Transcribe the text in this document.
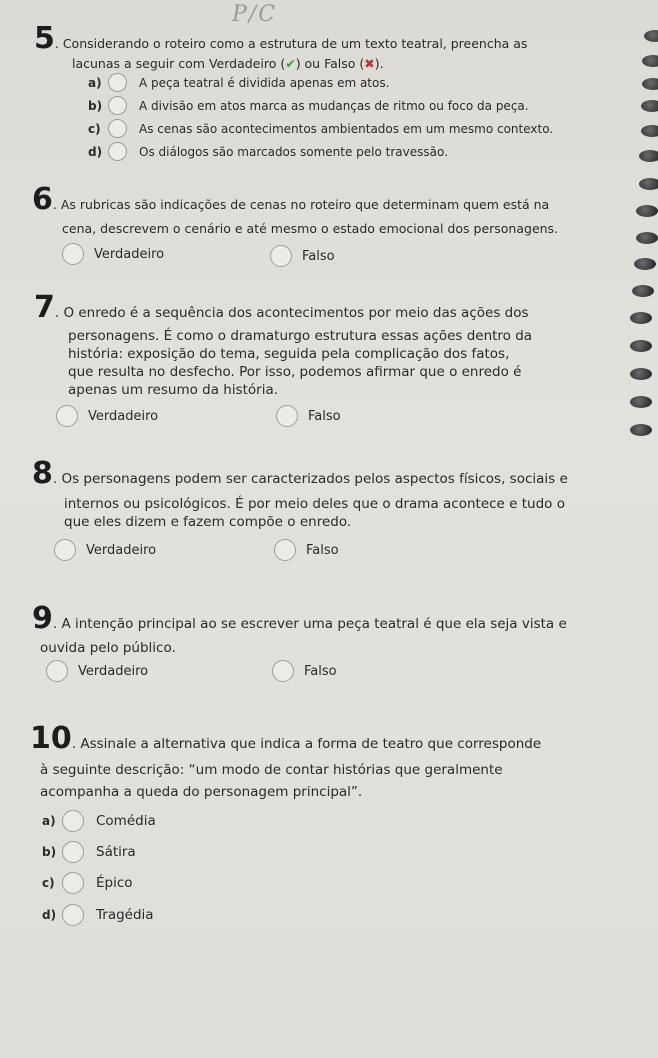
P/C
5. Considerando o roteiro como a estrutura de um texto teatral, preencha as
lacunas a seguir com Verdadeiro (✔) ou Falso (✖).
a)	A peça teatral é dividida apenas em atos.
b)	A divisão em atos marca as mudanças de ritmo ou foco da peça.
c)	As cenas são acontecimentos ambientados em um mesmo contexto.
d)	Os diálogos são marcados somente pelo travessão.
6. As rubricas são indicações de cenas no roteiro que determinam quem está na
cena, descrevem o cenário e até mesmo o estado emocional dos personagens.
Verdadeiro	Falso
7. O enredo é a sequência dos acontecimentos por meio das ações dos
personagens. É como o dramaturgo estrutura essas ações dentro da
história: exposição do tema, seguida pela complicação dos fatos,
que resulta no desfecho. Por isso, podemos afirmar que o enredo é
apenas um resumo da história.
Verdadeiro	Falso
8. Os personagens podem ser caracterizados pelos aspectos físicos, sociais e
internos ou psicológicos. É por meio deles que o drama acontece e tudo o
que eles dizem e fazem compõe o enredo.
Verdadeiro	Falso
9. A intenção principal ao se escrever uma peça teatral é que ela seja vista e
ouvida pelo público.
Verdadeiro	Falso
10. Assinale a alternativa que indica a forma de teatro que corresponde
à seguinte descrição: “um modo de contar histórias que geralmente
acompanha a queda do personagem principal”.
a)	Comédia
b)	Sátira
c)	Épico
d)	Tragédia
